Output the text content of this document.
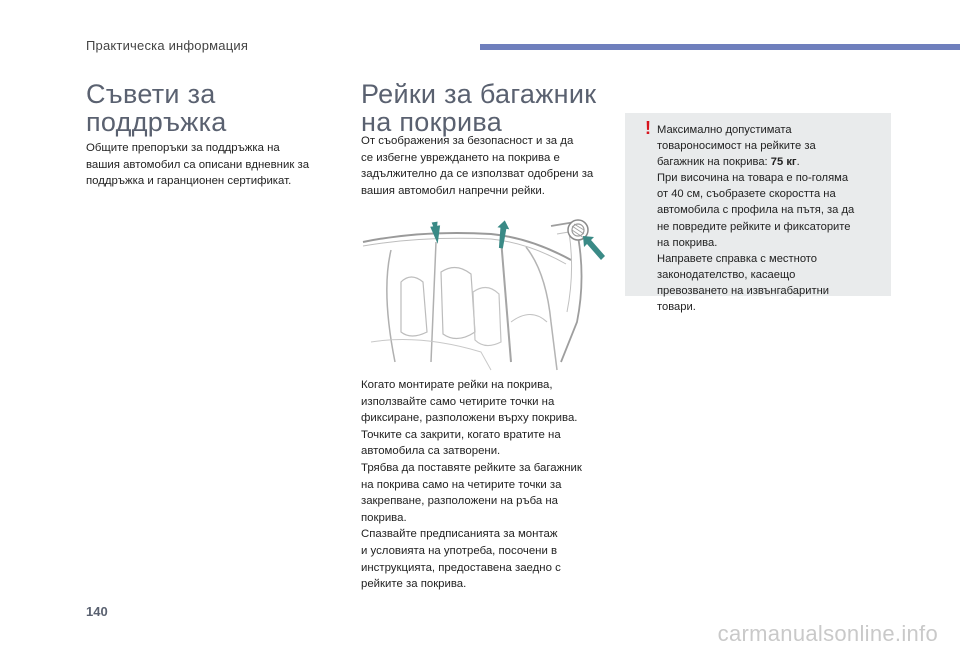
Практическа информация
Съвети за
поддръжка
Общите препоръки за поддръжка на
вашия автомобил са описани вдневник за
поддръжка и гаранционен сертификат.
Рейки за багажник
на покрива
От съображения за безопасност и за да
се избегне увреждането на покрива е
задължително да се използват одобрени за
вашия автомобил напречни рейки.
Когато монтирате рейки на покрива,
използвайте само четирите точки на
фиксиране, разположени върху покрива.
Точките са закрити, когато вратите на
автомобила са затворени.
Трябва да поставяте рейките за багажник
на покрива само на четирите точки за
закрепване, разположени на ръба на
покрива.
Спазвайте предписанията за монтаж
и условията на употреба, посочени в
инструкцията, предоставена заедно с
рейките за покрива.
! Максимално допустимата
товароносимост на рейките за
багажник на покрива: 75 кг.
При височина на товара е по-голяма
от 40 см, съобразете скоростта на
автомобила с профила на пътя, за да
не повредите рейките и фиксаторите
на покрива.
Направете справка с местното
законодателство, касаещо
превозването на извънгабаритни
товари.
140
carmanualsonline.info
